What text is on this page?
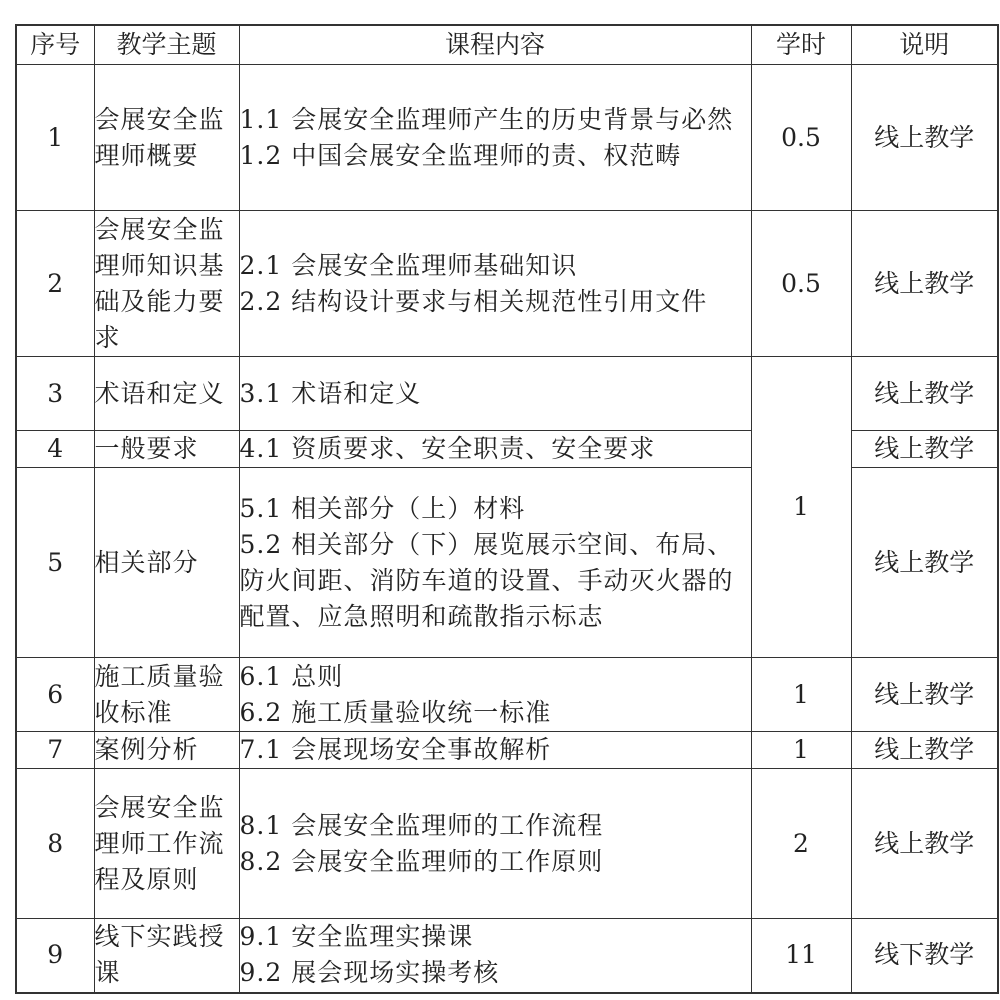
序号	教学主题	课程内容	学时	说明
1	会展安全监理师概要	1.1 会展安全监理师产生的历史背景与必然
1.2 中国会展安全监理师的责、权范畴	0.5	线上教学
2	会展安全监理师知识基础及能力要求	2.1 会展安全监理师基础知识
2.2 结构设计要求与相关规范性引用文件	0.5	线上教学
3	术语和定义	3.1 术语和定义	1	线上教学
4	一般要求	4.1 资质要求、安全职责、安全要求		线上教学
5	相关部分	5.1 相关部分（上）材料
5.2 相关部分（下）展览展示空间、布局、防火间距、消防车道的设置、手动灭火器的配置、应急照明和疏散指示标志		线上教学
6	施工质量验收标准	6.1 总则
6.2 施工质量验收统一标准	1	线上教学
7	案例分析	7.1 会展现场安全事故解析	1	线上教学
8	会展安全监理师工作流程及原则	8.1 会展安全监理师的工作流程
8.2 会展安全监理师的工作原则	2	线上教学
9	线下实践授课	9.1 安全监理实操课
9.2 展会现场实操考核	11	线下教学
